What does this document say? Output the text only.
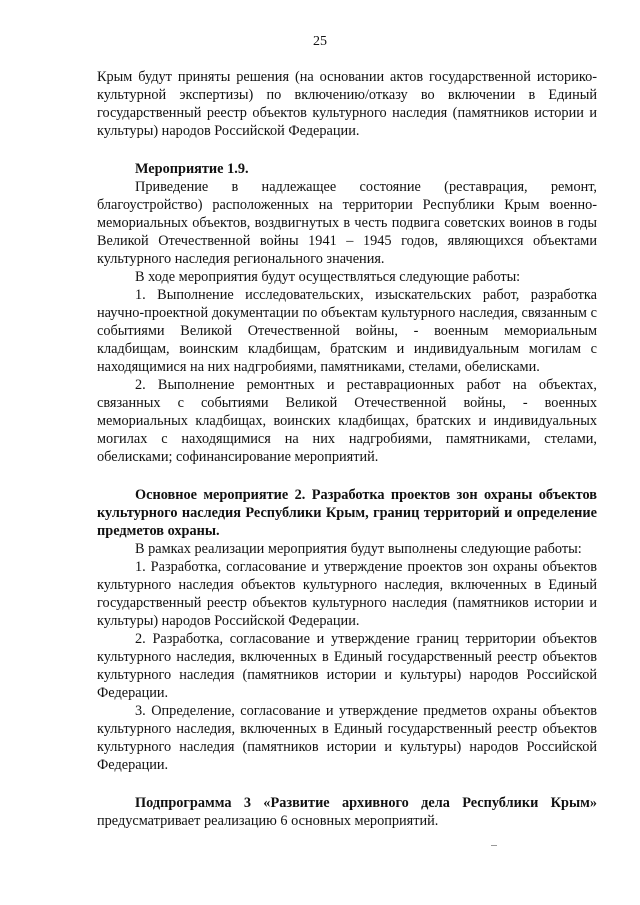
25

Крым будут приняты решения (на основании актов государственной историко-культурной экспертизы) по включению/отказу во включении в Единый государственный реестр объектов культурного наследия (памятников истории и культуры) народов Российской Федерации.

Мероприятие 1.9.

Приведение в надлежащее состояние (реставрация, ремонт, благоустройство) расположенных на территории Республики Крым военно-мемориальных объектов, воздвигнутых в честь подвига советских воинов в годы Великой Отечественной войны 1941 – 1945 годов, являющихся объектами культурного наследия регионального значения.

В ходе мероприятия будут осуществляться следующие работы:

1. Выполнение исследовательских, изыскательских работ, разработка научно-проектной документации по объектам культурного наследия, связанным с событиями Великой Отечественной войны, - военным мемориальным кладбищам, воинским кладбищам, братским и индивидуальным могилам с находящимися на них надгробиями, памятниками, стелами, обелисками.

2. Выполнение ремонтных и реставрационных работ на объектах, связанных с событиями Великой Отечественной войны, - военных мемориальных кладбищах, воинских кладбищах, братских и индивидуальных могилах с находящимися на них надгробиями, памятниками, стелами, обелисками; софинансирование мероприятий.

Основное мероприятие 2. Разработка проектов зон охраны объектов культурного наследия Республики Крым, границ территорий и определение предметов охраны.

В рамках реализации мероприятия будут выполнены следующие работы:

1. Разработка, согласование и утверждение проектов зон охраны объектов культурного наследия объектов культурного наследия, включенных в Единый государственный реестр объектов культурного наследия (памятников истории и культуры) народов Российской Федерации.

2. Разработка, согласование и утверждение границ территории объектов культурного наследия, включенных в Единый государственный реестр объектов культурного наследия (памятников истории и культуры) народов Российской Федерации.

3. Определение, согласование и утверждение предметов охраны объектов культурного наследия, включенных в Единый государственный реестр объектов культурного наследия (памятников истории и культуры) народов Российской Федерации.

Подпрограмма 3 «Развитие архивного дела Республики Крым» предусматривает реализацию 6 основных мероприятий.
